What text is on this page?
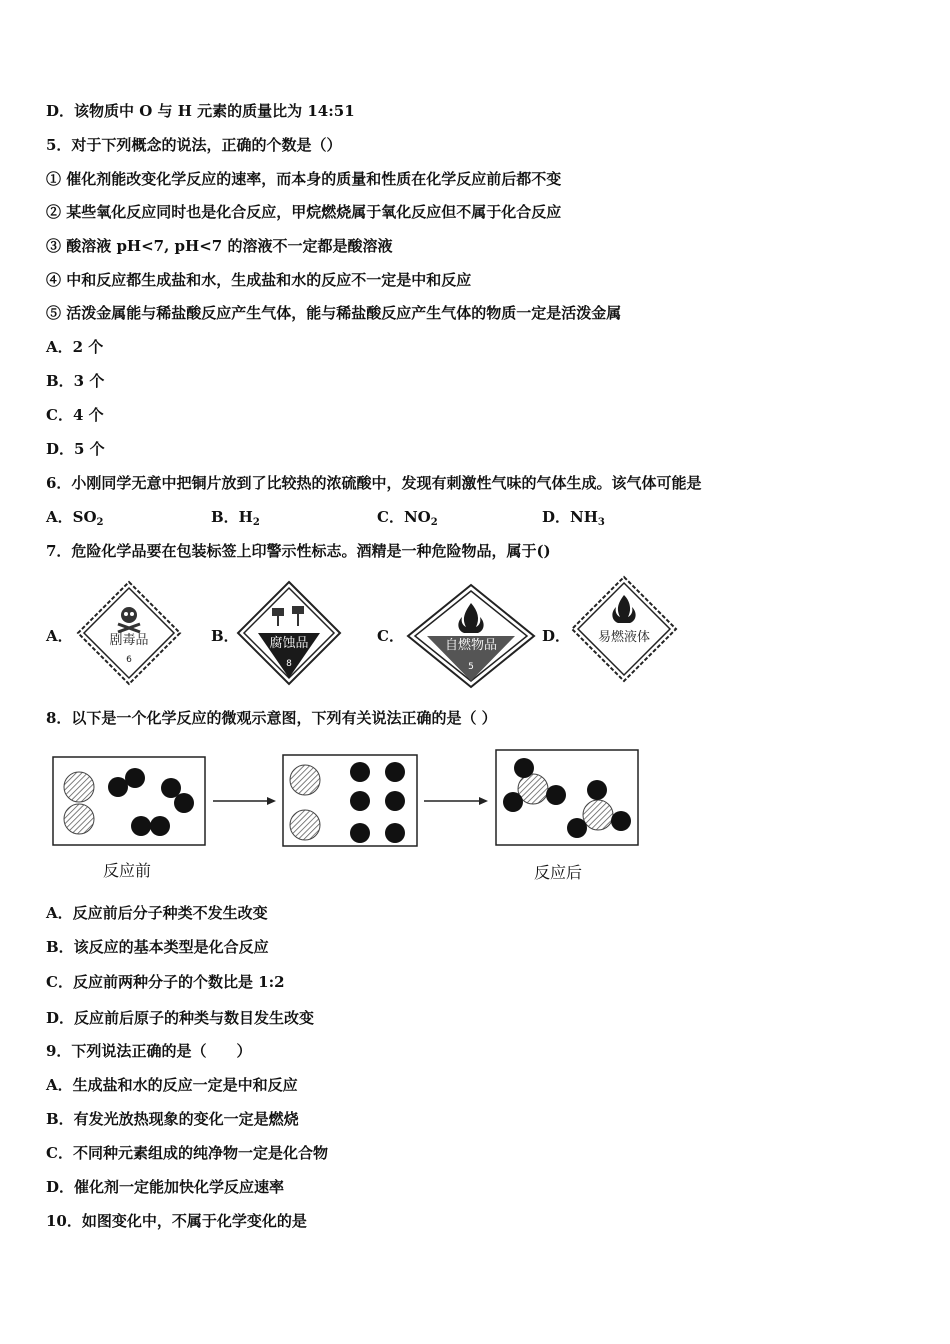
D．该物质中 O 与 H 元素的质量比为 14:51
5．对于下列概念的说法，正确的个数是（）
① 催化剂能改变化学反应的速率，而本身的质量和性质在化学反应前后都不变
② 某些氧化反应同时也是化合反应，甲烷燃烧属于氧化反应但不属于化合反应
③ 酸溶液 pH<7, pH<7 的溶液不一定都是酸溶液
④ 中和反应都生成盐和水，生成盐和水的反应不一定是中和反应
⑤ 活泼金属能与稀盐酸反应产生气体，能与稀盐酸反应产生气体的物质一定是活泼金属
A．2 个
B．3 个
C．4 个
D．5 个
6．小刚同学无意中把铜片放到了比较热的浓硫酸中，发现有刺激性气味的气体生成。该气体可能是
A．$SO_2$	B．$H_2$	C．$NO_2$	D．$NH_3$
7．危险化学品要在包装标签上印警示性标志。酒精是一种危险物品，属于()
A．	剧毒品
6
B． 腐蚀品
8
C．
自燃物品
5
D． 易燃液体
8．以下是一个化学反应的微观示意图，下列有关说法正确的是（ ）
反应前	反应后
A．反应前后分子种类不发生改变
B．该反应的基本类型是化合反应
C．反应前两种分子的个数比是 1:2
D．反应前后原子的种类与数目发生改变
9．下列说法正确的是（　　）
A．生成盐和水的反应一定是中和反应
B．有发光放热现象的变化一定是燃烧
C．不同种元素组成的纯净物一定是化合物
D．催化剂一定能加快化学反应速率
10．如图变化中，不属于化学变化的是
